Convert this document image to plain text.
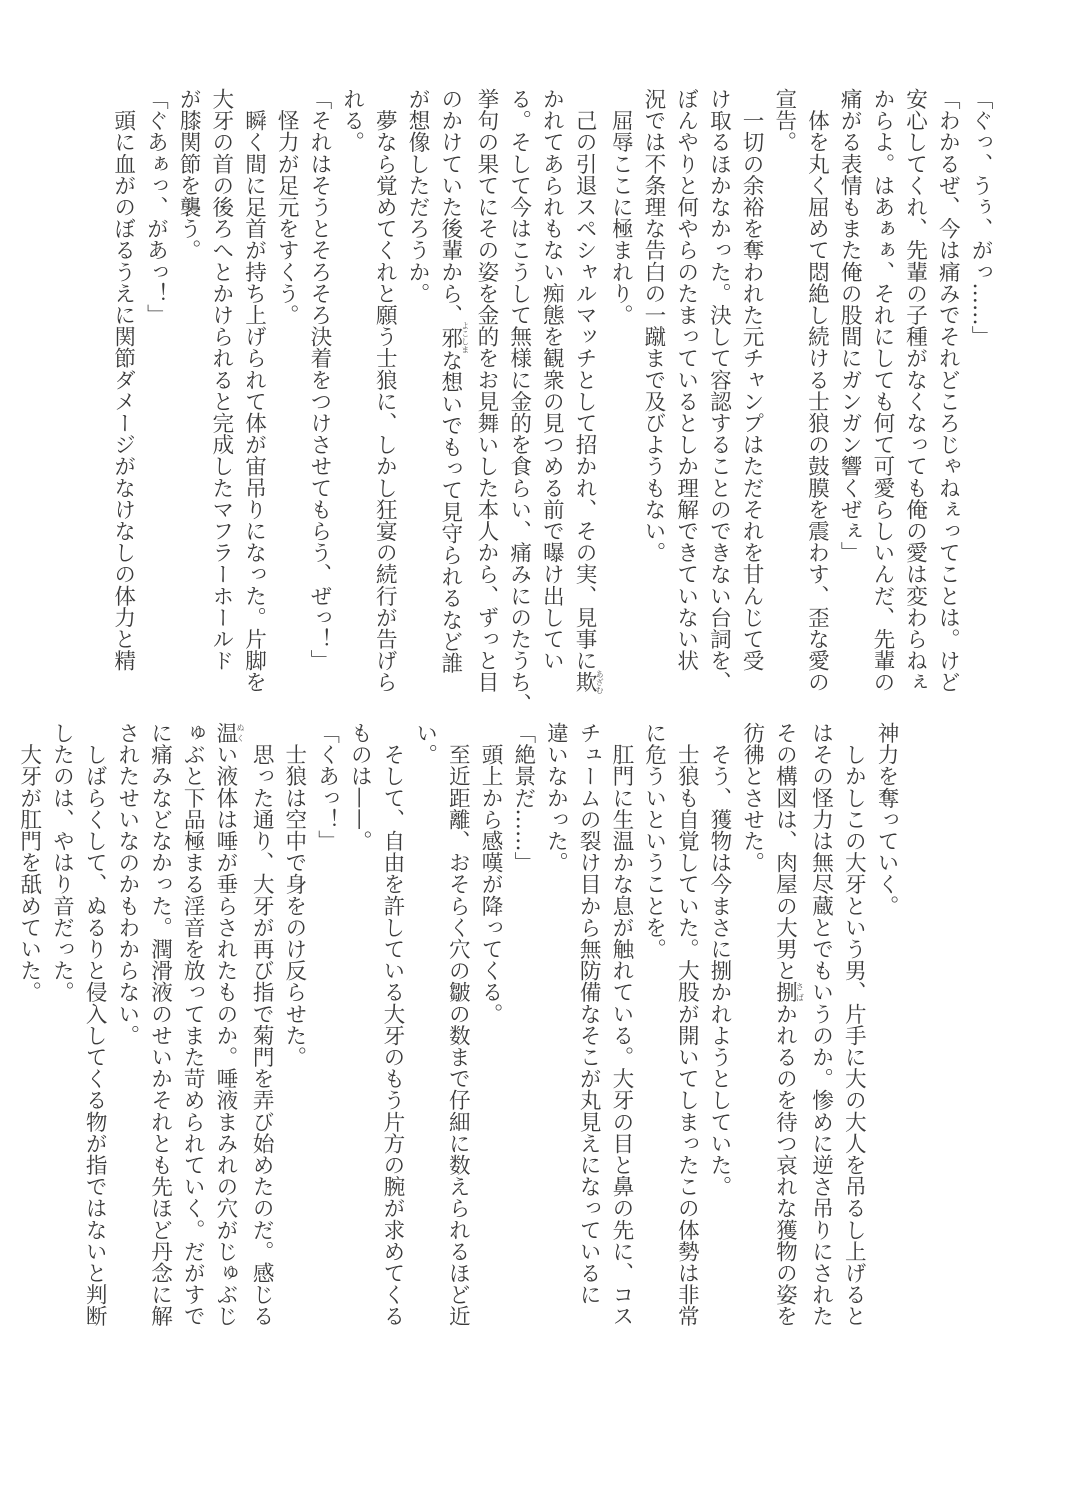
「ぐっ、うぅ、がっ……」
「わかるぜ、今は痛みでそれどころじゃねぇってことは。けど
安心してくれ、先輩の子種がなくなっても俺の愛は変わらねぇ
からよ。はあぁぁ、それにしても何て可愛らしいんだ、先輩の
痛がる表情もまた俺の股間にガンガン響くぜぇ」
　体を丸く屈めて悶絶し続ける士狼の鼓膜を震わす、歪な愛の
宣告。
　一切の余裕を奪われた元チャンプはただそれを甘んじて受
け取るほかなかった。決して容認することのできない台詞を、
ぼんやりと何やらのたまっているとしか理解できていない状
況では不条理な告白の一蹴まで及びようもない。
　屈辱ここに極まれり。
　己の引退スペシャルマッチとして招かれ、その実、見事に欺あざむ
かれてあられもない痴態を観衆の見つめる前で曝け出してい
る。そして今はこうして無様に金的を食らい、痛みにのたうち、
挙句の果てにその姿を金的をお見舞いした本人から、ずっと目
のかけていた後輩から、邪よこしまな想いでもって見守られるなど誰
が想像しただろうか。
　夢なら覚めてくれと願う士狼に、しかし狂宴の続行が告げら
れる。
「それはそうとそろそろ決着をつけさせてもらう、ぜっ！」
　怪力が足元をすくう。
　瞬く間に足首が持ち上げられて体が宙吊りになった。片脚を
大牙の首の後ろへとかけられると完成したマフラーホールド
が膝関節を襲う。
「ぐあぁっ、があっ！」
　頭に血がのぼるうえに関節ダメージがなけなしの体力と精
神力を奪っていく。
　しかしこの大牙という男、片手に大の大人を吊るし上げると
はその怪力は無尽蔵とでもいうのか。惨めに逆さ吊りにされた
その構図は、肉屋の大男と捌さばかれるのを待つ哀れな獲物の姿を
彷彿とさせた。
　そう、獲物は今まさに捌かれようとしていた。
　士狼も自覚していた。大股が開いてしまったこの体勢は非常
に危ういということを。
　肛門に生温かな息が触れている。大牙の目と鼻の先に、コス
チュームの裂け目から無防備なそこが丸見えになっているに
違いなかった。
「絶景だ……」
　頭上から感嘆が降ってくる。
　至近距離、おそらく穴の皺の数まで仔細に数えられるほど近
い。
　そして、自由を許している大牙のもう片方の腕が求めてくる
ものは——。
「くあっ！」
　士狼は空中で身をのけ反らせた。
　思った通り、大牙が再び指で菊門を弄び始めたのだ。感じる
温ぬくい液体は唾が垂らされたものか。唾液まみれの穴がじゅぶじ
ゅぶと下品極まる淫音を放ってまた苛められていく。だがすで
に痛みなどなかった。潤滑液のせいかそれとも先ほど丹念に解
されたせいなのかもわからない。
　しばらくして、ぬるりと侵入してくる物が指ではないと判断
したのは、やはり音だった。
　大牙が肛門を舐めていた。
